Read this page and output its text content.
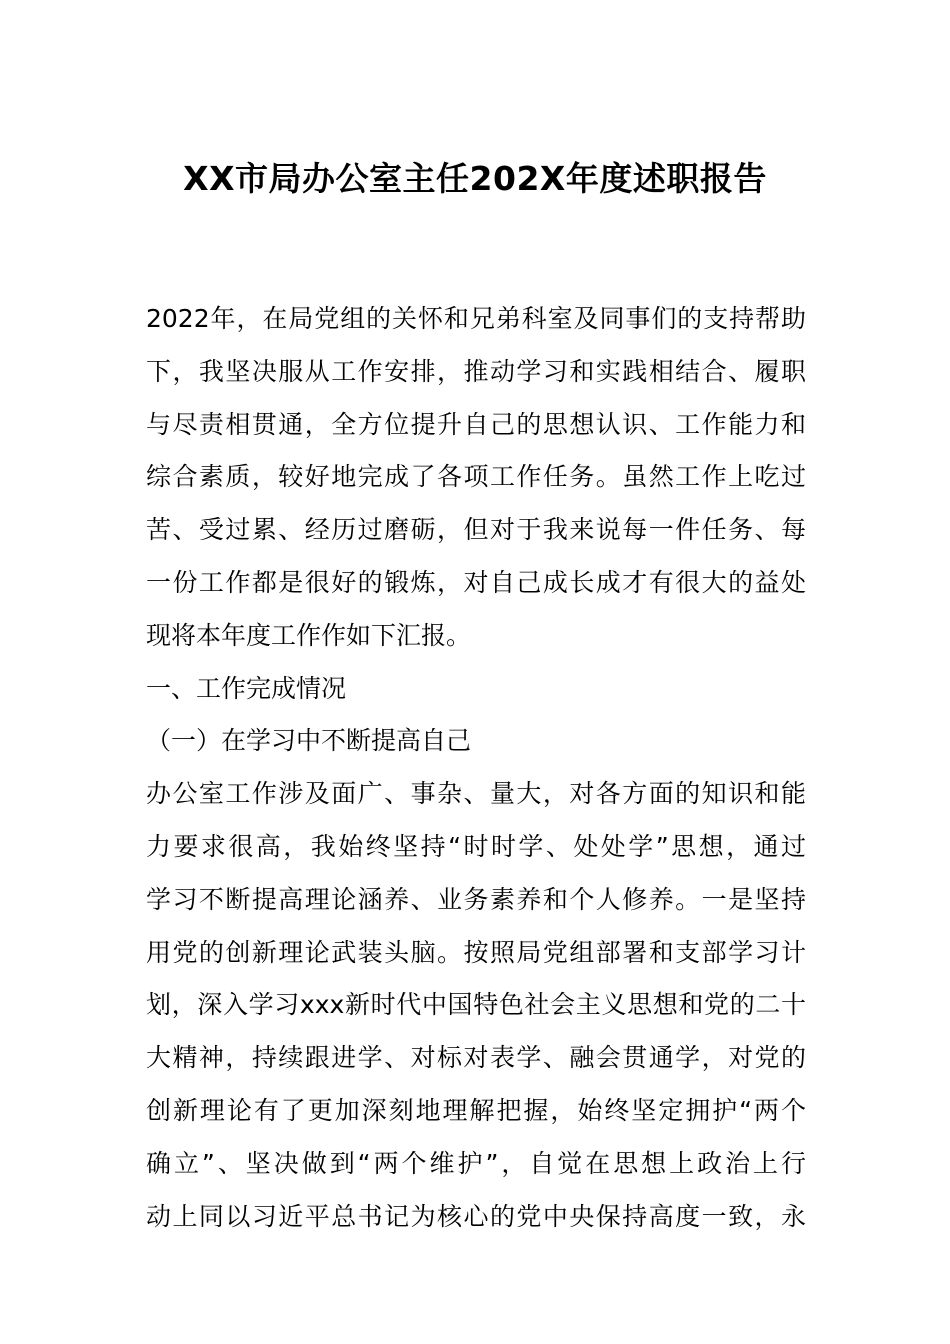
XX市局办公室主任202X年度述职报告
2022年，在局党组的关怀和兄弟科室及同事们的支持帮助
下，我坚决服从工作安排，推动学习和实践相结合、履职
与尽责相贯通，全方位提升自己的思想认识、工作能力和
综合素质，较好地完成了各项工作任务。虽然工作上吃过
苦、受过累、经历过磨砺，但对于我来说每一件任务、每
一份工作都是很好的锻炼，对自己成长成才有很大的益处
现将本年度工作作如下汇报。
一、工作完成情况
（一）在学习中不断提高自己
办公室工作涉及面广、事杂、量大，对各方面的知识和能
力要求很高，我始终坚持“时时学、处处学”思想，通过
学习不断提高理论涵养、业务素养和个人修养。一是坚持
用党的创新理论武装头脑。按照局党组部署和支部学习计
划，深入学习xxx新时代中国特色社会主义思想和党的二十
大精神，持续跟进学、对标对表学、融会贯通学，对党的
创新理论有了更加深刻地理解把握，始终坚定拥护“两个
确立”、坚决做到“两个维护”，自觉在思想上政治上行
动上同以习近平总书记为核心的党中央保持高度一致，永
